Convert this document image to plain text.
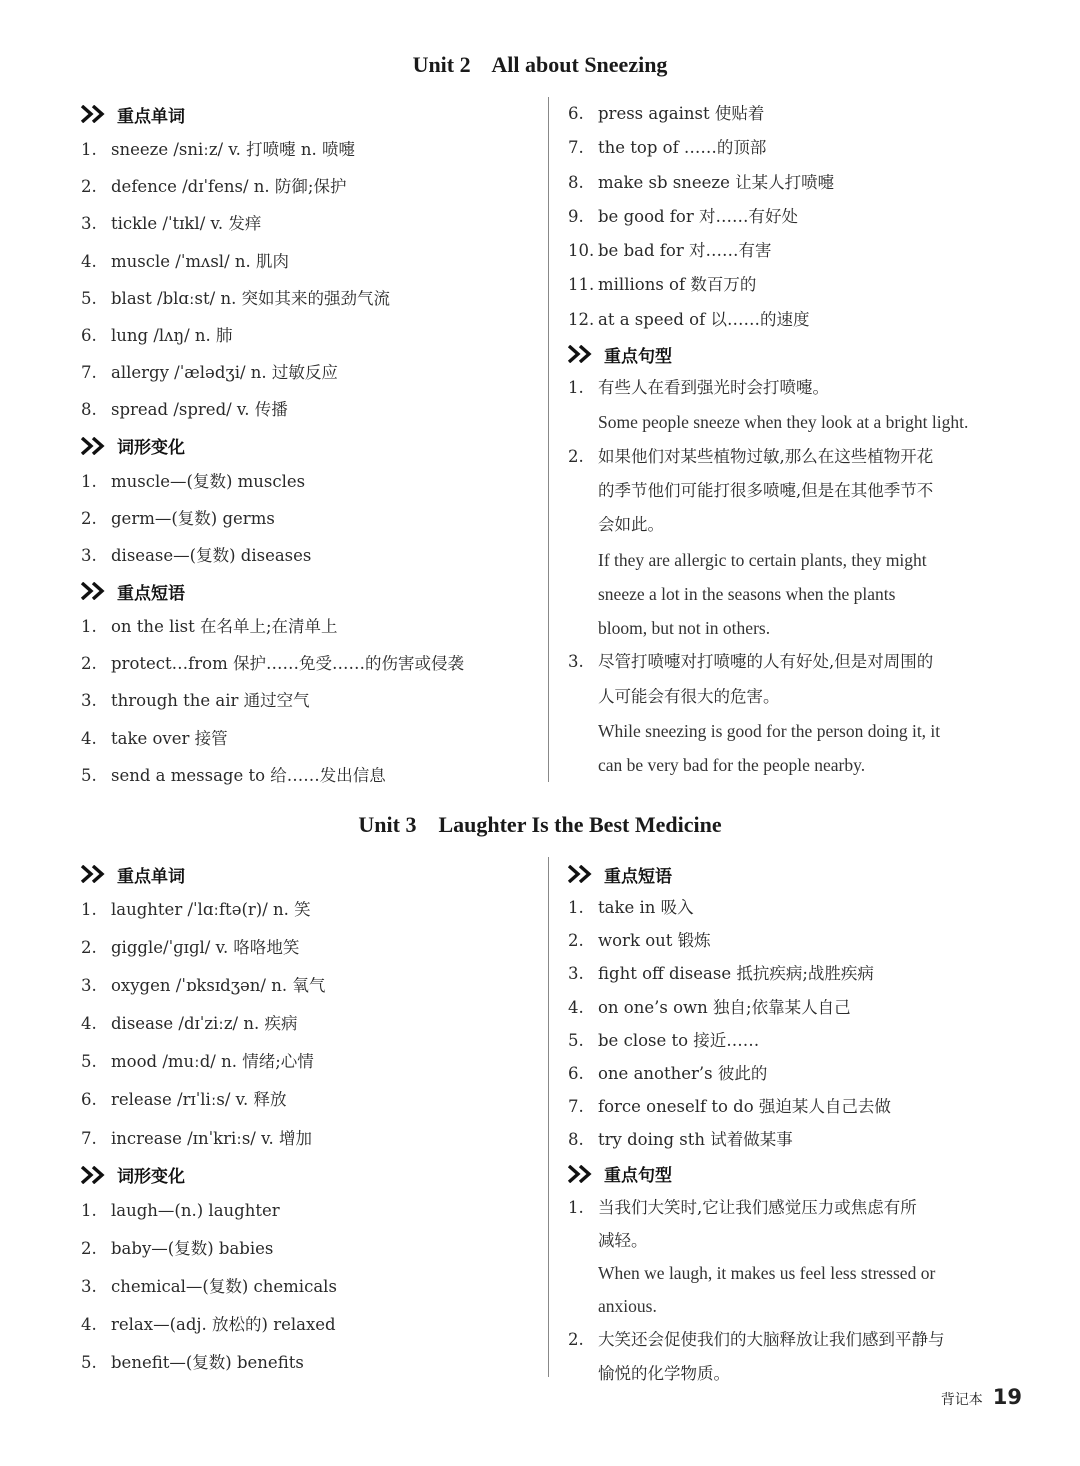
Unit 2    All about Sneezing
重点单词
1. sneeze /sniːz/ v. 打喷嚏 n. 喷嚏
2. defence /dɪˈfens/ n. 防御;保护
3. tickle /ˈtɪkl/ v. 发痒
4. muscle /ˈmʌsl/ n. 肌肉
5. blast /blɑːst/ n. 突如其来的强劲气流
6. lung /lʌŋ/ n. 肺
7. allergy /ˈælədʒi/ n. 过敏反应
8. spread /spred/ v. 传播
词形变化
1. muscle—(复数) muscles
2. germ—(复数) germs
3. disease—(复数) diseases
重点短语
1. on the list 在名单上;在清单上
2. protect…from 保护……免受……的伤害或侵袭
3. through the air 通过空气
4. take over 接管
5. send a message to 给……发出信息
6. press against 使贴着
7. the top of ……的顶部
8. make sb sneeze 让某人打喷嚏
9. be good for 对……有好处
10. be bad for 对……有害
11. millions of 数百万的
12. at a speed of 以……的速度
重点句型
1. 有些人在看到强光时会打喷嚏。
Some people sneeze when they look at a bright light.
2. 如果他们对某些植物过敏,那么在这些植物开花
的季节他们可能打很多喷嚏,但是在其他季节不
会如此。
If they are allergic to certain plants, they might
sneeze a lot in the seasons when the plants
bloom, but not in others.
3. 尽管打喷嚏对打喷嚏的人有好处,但是对周围的
人可能会有很大的危害。
While sneezing is good for the person doing it, it
can be very bad for the people nearby.
Unit 3    Laughter Is the Best Medicine
重点单词
1. laughter /ˈlɑːftə(r)/ n. 笑
2. giggle/ˈɡɪɡl/ v. 咯咯地笑
3. oxygen /ˈɒksɪdʒən/ n. 氧气
4. disease /dɪˈziːz/ n. 疾病
5. mood /muːd/ n. 情绪;心情
6. release /rɪˈliːs/ v. 释放
7. increase /ɪnˈkriːs/ v. 增加
词形变化
1. laugh—(n.) laughter
2. baby—(复数) babies
3. chemical—(复数) chemicals
4. relax—(adj. 放松的) relaxed
5. benefit—(复数) benefits
重点短语
1. take in 吸入
2. work out 锻炼
3. fight off disease 抵抗疾病;战胜疾病
4. on one’s own 独自;依靠某人自己
5. be close to 接近……
6. one another’s 彼此的
7. force oneself to do 强迫某人自己去做
8. try doing sth 试着做某事
重点句型
1. 当我们大笑时,它让我们感觉压力或焦虑有所
减轻。
When we laugh, it makes us feel less stressed or
anxious.
2. 大笑还会促使我们的大脑释放让我们感到平静与
愉悦的化学物质。
背记本 19
